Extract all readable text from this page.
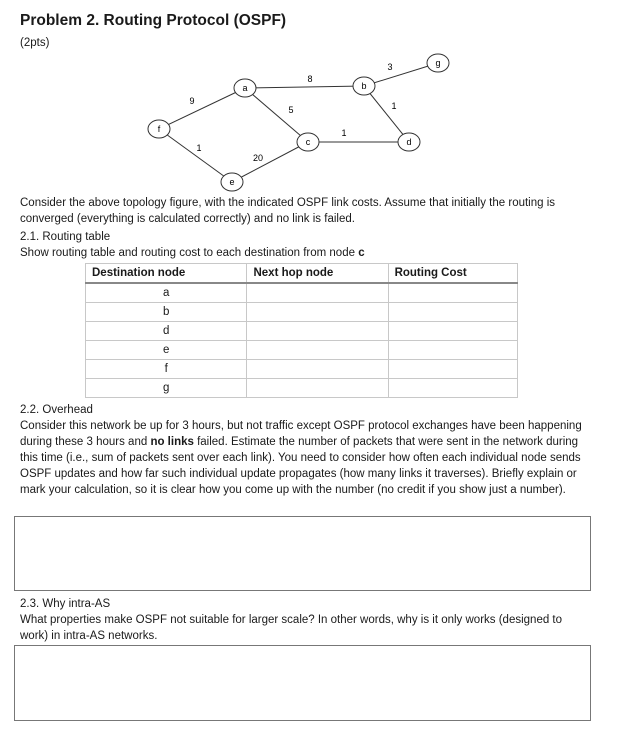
Problem 2. Routing Protocol (OSPF)
(2pts)
9
8
5
3
1
1
1
20
a	b
c	d
e
f
g
Consider the above topology figure, with the indicated OSPF link costs. Assume that initially the routing is converged (everything is calculated correctly) and no link is failed.
2.1. Routing table
Show routing table and routing cost to each destination from node c
Destination node	Next hop node	Routing Cost
a		
b		
d		
e		
f		
g		
2.2. Overhead
Consider this network be up for 3 hours, but not traffic except OSPF protocol exchanges have been happening during these 3 hours and no links failed. Estimate the number of packets that were sent in the network during this time (i.e., sum of packets sent over each link). You need to consider how often each individual node sends OSPF updates and how far such individual update propagates (how many links it traverses). Briefly explain or mark your calculation, so it is clear how you come up with the number (no credit if you show just a number).
2.3. Why intra-AS
What properties make OSPF not suitable for larger scale? In other words, why is it only works (designed to work) in intra-AS networks.
